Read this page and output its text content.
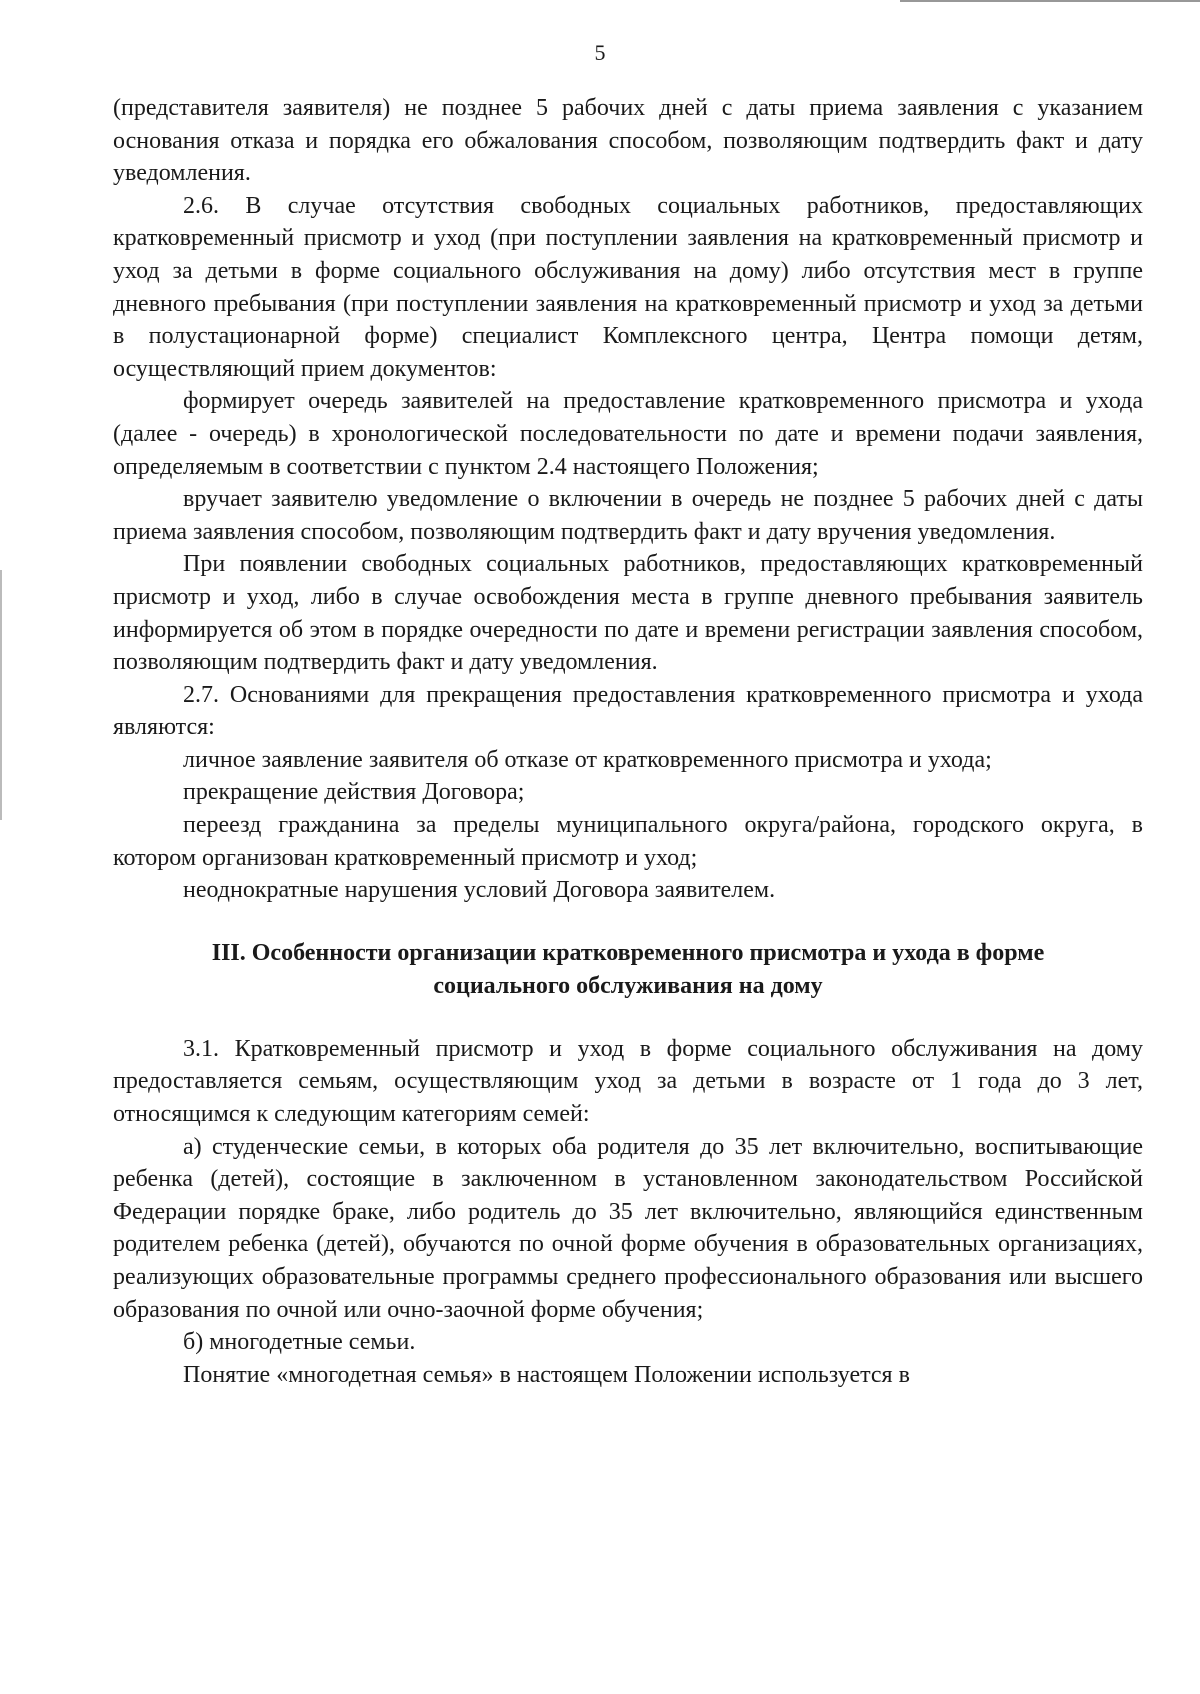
5

(представителя заявителя) не позднее 5 рабочих дней с даты приема заявления с указанием основания отказа и порядка его обжалования способом, позволяющим подтвердить факт и дату уведомления.

2.6. В случае отсутствия свободных социальных работников, предоставляющих кратковременный присмотр и уход (при поступлении заявления на кратковременный присмотр и уход за детьми в форме социального обслуживания на дому) либо отсутствия мест в группе дневного пребывания (при поступлении заявления на кратковременный присмотр и уход за детьми в полустационарной форме) специалист Комплексного центра, Центра помощи детям, осуществляющий прием документов:

формирует очередь заявителей на предоставление кратковременного присмотра и ухода (далее - очередь) в хронологической последовательности по дате и времени подачи заявления, определяемым в соответствии с пунктом 2.4 настоящего Положения;

вручает заявителю уведомление о включении в очередь не позднее 5 рабочих дней с даты приема заявления способом, позволяющим подтвердить факт и дату вручения уведомления.

При появлении свободных социальных работников, предоставляющих кратковременный присмотр и уход, либо в случае освобождения места в группе дневного пребывания заявитель информируется об этом в порядке очередности по дате и времени регистрации заявления способом, позволяющим подтвердить факт и дату уведомления.

2.7. Основаниями для прекращения предоставления кратковременного присмотра и ухода являются:

личное заявление заявителя об отказе от кратковременного присмотра и ухода;

прекращение действия Договора;

переезд гражданина за пределы муниципального округа/района, городского округа, в котором организован кратковременный присмотр и уход;

неоднократные нарушения условий Договора заявителем.

III. Особенности организации кратковременного присмотра и ухода в форме
социального обслуживания на дому

3.1. Кратковременный присмотр и уход в форме социального обслуживания на дому предоставляется семьям, осуществляющим уход за детьми в возрасте от 1 года до 3 лет, относящимся к следующим категориям семей:

а) студенческие семьи, в которых оба родителя до 35 лет включительно, воспитывающие ребенка (детей), состоящие в заключенном в установленном законодательством Российской Федерации порядке браке, либо родитель до 35 лет включительно, являющийся единственным родителем ребенка (детей), обучаются по очной форме обучения в образовательных организациях, реализующих образовательные программы среднего профессионального образования или высшего образования по очной или очно-заочной форме обучения;

б) многодетные семьи.

Понятие «многодетная семья» в настоящем Положении используется в
